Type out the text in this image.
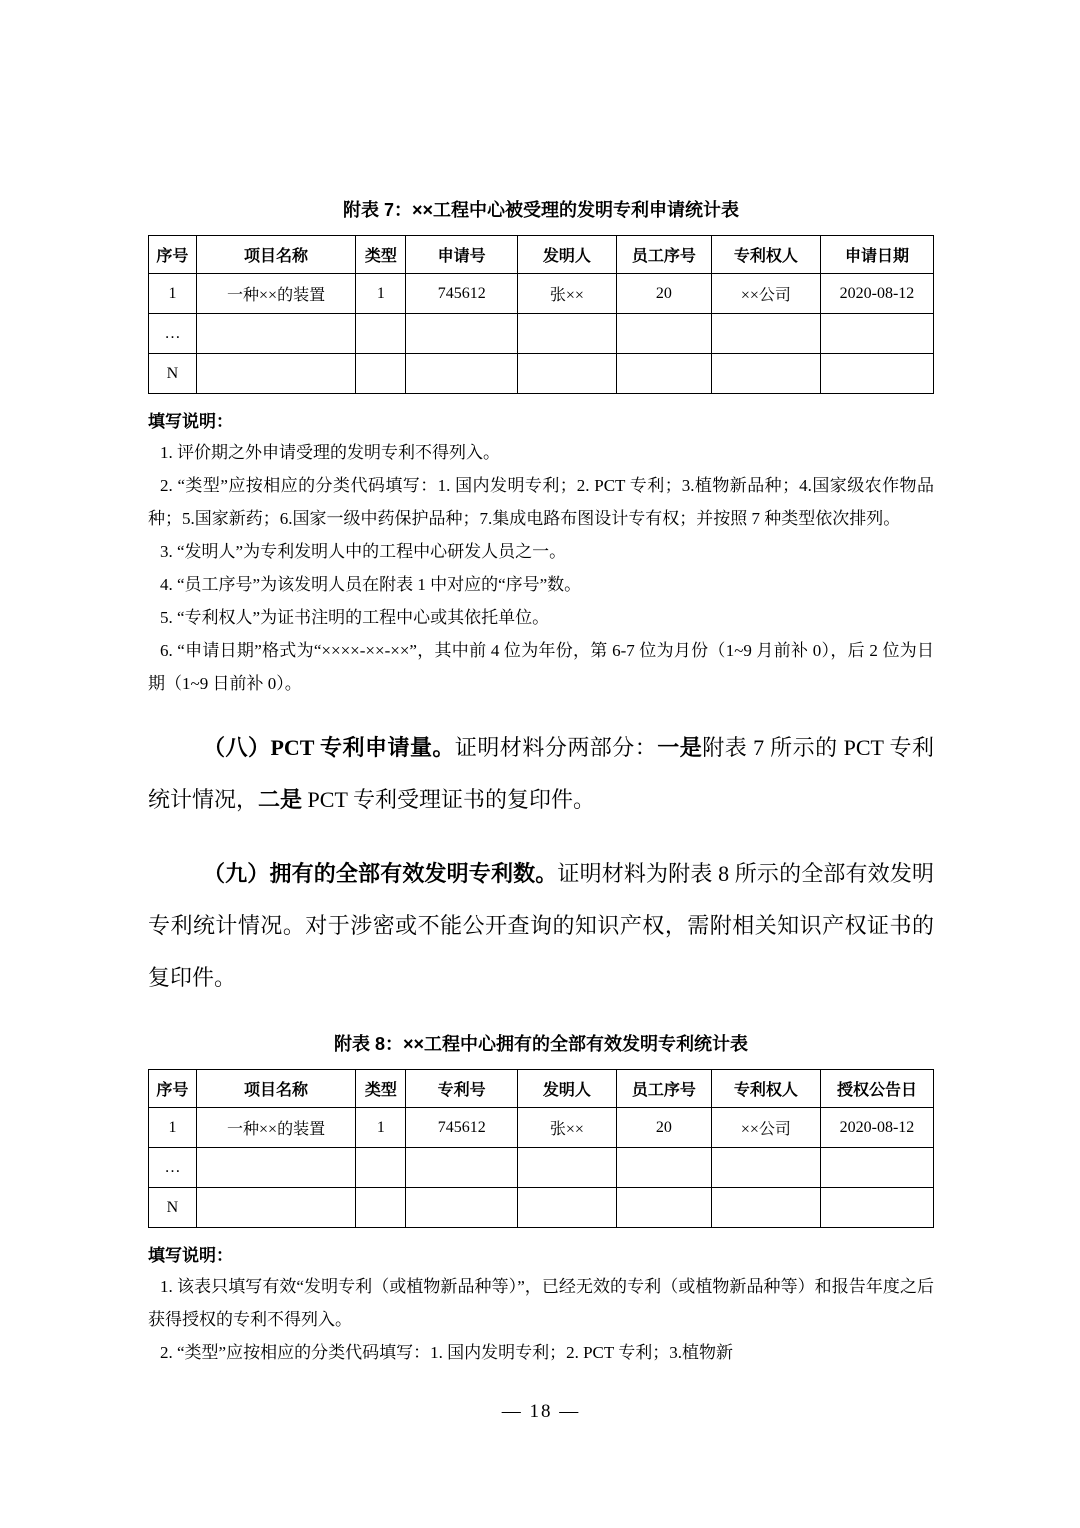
附表 7：××工程中心被受理的发明专利申请统计表
序号	项目名称	类型	申请号	发明人	员工序号	专利权人	申请日期
1	一种××的装置	1	745612	张××	20	××公司	2020-08-12
…							
N							
填写说明：
1. 评价期之外申请受理的发明专利不得列入。
2. “类型”应按相应的分类代码填写：1. 国内发明专利；2. PCT 专利；3.植物新品种；4.国家级农作物品种；5.国家新药；6.国家一级中药保护品种；7.集成电路布图设计专有权；并按照 7 种类型依次排列。
3. “发明人”为专利发明人中的工程中心研发人员之一。
4. “员工序号”为该发明人员在附表 1 中对应的“序号”数。
5. “专利权人”为证书注明的工程中心或其依托单位。
6. “申请日期”格式为“××××-××-××”，其中前 4 位为年份，第 6-7 位为月份（1~9 月前补 0），后 2 位为日期（1~9 日前补 0）。

（八）PCT 专利申请量。证明材料分两部分：一是附表 7 所示的 PCT 专利统计情况，二是 PCT 专利受理证书的复印件。

（九）拥有的全部有效发明专利数。证明材料为附表 8 所示的全部有效发明专利统计情况。对于涉密或不能公开查询的知识产权，需附相关知识产权证书的复印件。

附表 8：××工程中心拥有的全部有效发明专利统计表
序号	项目名称	类型	专利号	发明人	员工序号	专利权人	授权公告日
1	一种××的装置	1	745612	张××	20	××公司	2020-08-12
…							
N							
填写说明：
1. 该表只填写有效“发明专利（或植物新品种等）”，已经无效的专利（或植物新品种等）和报告年度之后获得授权的专利不得列入。
2. “类型”应按相应的分类代码填写：1. 国内发明专利；2. PCT 专利；3.植物新
— 18 —
